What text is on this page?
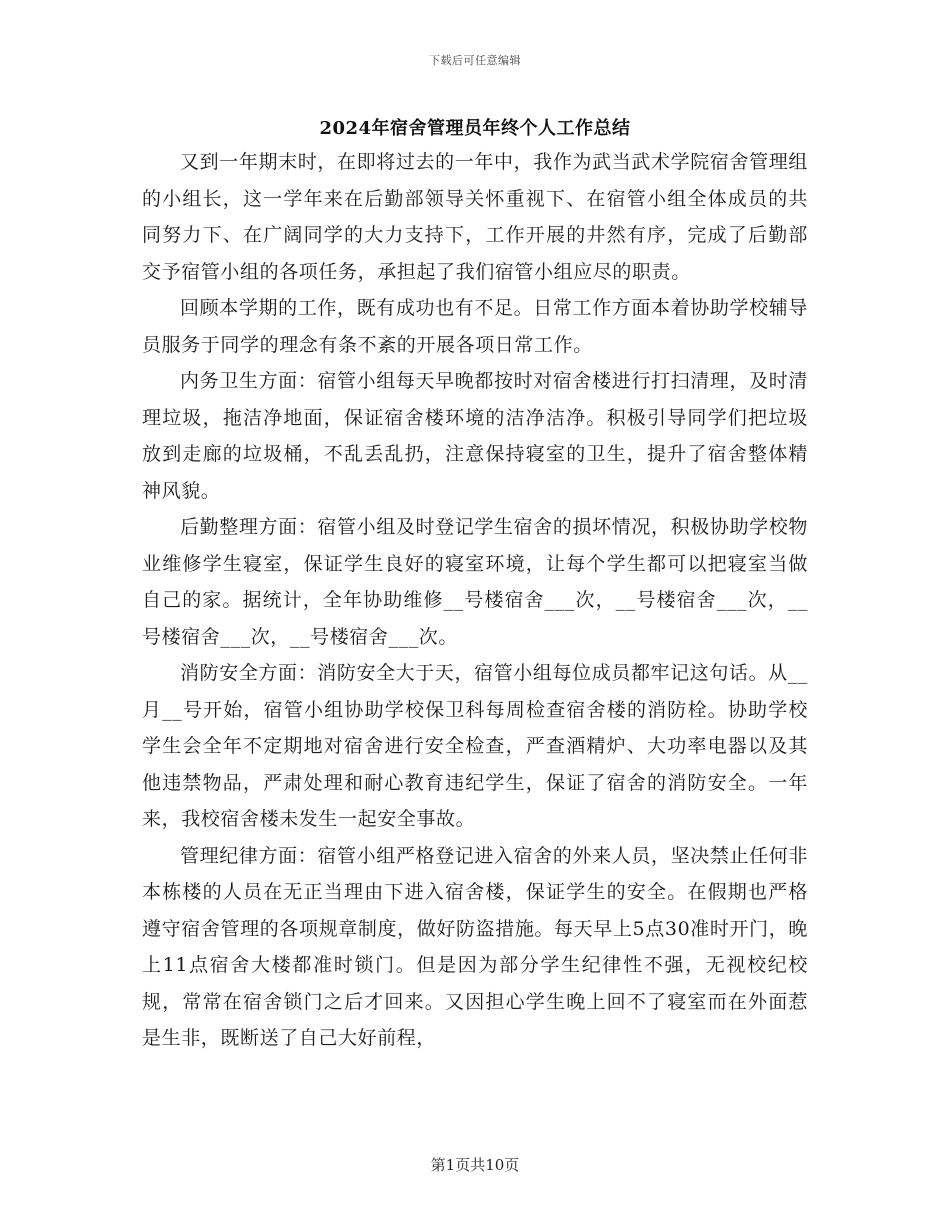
下载后可任意编辑
2024年宿舍管理员年终个人工作总结

又到一年期末时，在即将过去的一年中，我作为武当武术学院宿舍管理组的小组长，这一学年来在后勤部领导关怀重视下、在宿管小组全体成员的共同努力下、在广阔同学的大力支持下，工作开展的井然有序，完成了后勤部交予宿管小组的各项任务，承担起了我们宿管小组应尽的职责。

回顾本学期的工作，既有成功也有不足。日常工作方面本着协助学校辅导员服务于同学的理念有条不紊的开展各项日常工作。

内务卫生方面：宿管小组每天早晚都按时对宿舍楼进行打扫清理，及时清理垃圾，拖洁净地面，保证宿舍楼环境的洁净洁净。积极引导同学们把垃圾放到走廊的垃圾桶，不乱丢乱扔，注意保持寝室的卫生，提升了宿舍整体精神风貌。

后勤整理方面：宿管小组及时登记学生宿舍的损坏情况，积极协助学校物业维修学生寝室，保证学生良好的寝室环境，让每个学生都可以把寝室当做自己的家。据统计，全年协助维修__号楼宿舍___次，__号楼宿舍___次，__号楼宿舍___次，__号楼宿舍___次。

消防安全方面：消防安全大于天，宿管小组每位成员都牢记这句话。从__月__号开始，宿管小组协助学校保卫科每周检查宿舍楼的消防栓。协助学校学生会全年不定期地对宿舍进行安全检查，严查酒精炉、大功率电器以及其他违禁物品，严肃处理和耐心教育违纪学生，保证了宿舍的消防安全。一年来，我校宿舍楼未发生一起安全事故。

管理纪律方面：宿管小组严格登记进入宿舍的外来人员，坚决禁止任何非本栋楼的人员在无正当理由下进入宿舍楼，保证学生的安全。在假期也严格遵守宿舍管理的各项规章制度，做好防盗措施。每天早上5点30准时开门，晚上11点宿舍大楼都准时锁门。但是因为部分学生纪律性不强，无视校纪校规，常常在宿舍锁门之后才回来。又因担心学生晚上回不了寝室而在外面惹是生非，既断送了自己大好前程，

第1页共10页
